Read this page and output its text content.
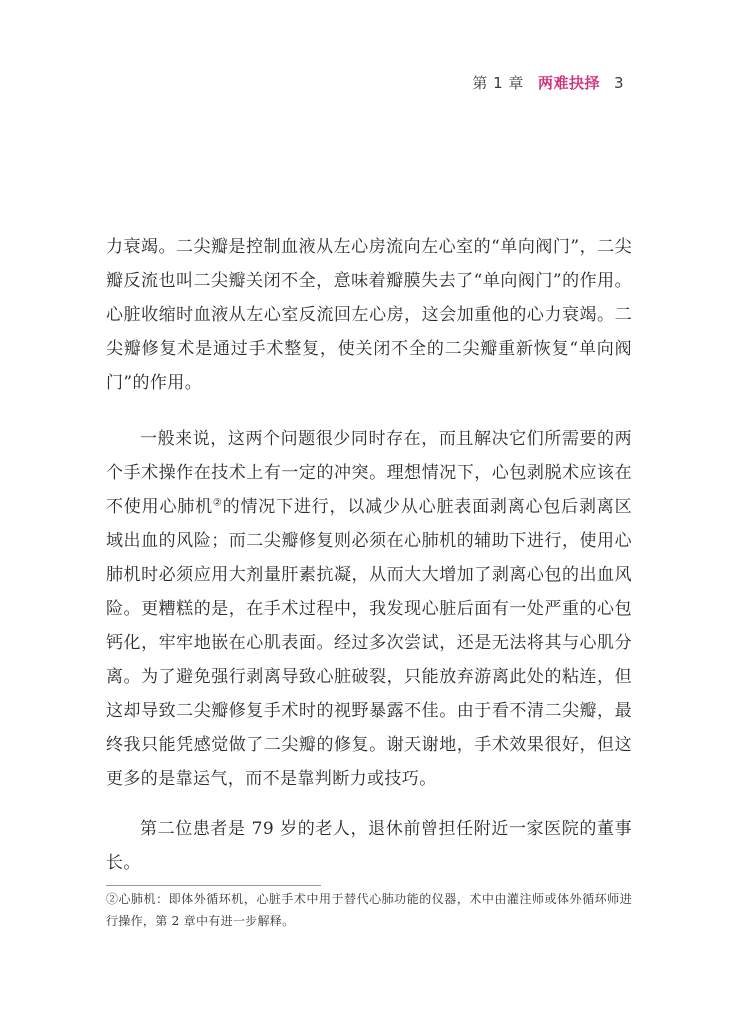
第 1 章 两难抉择 3

力衰竭。二尖瓣是控制血液从左心房流向左心室的“单向阀门”，二尖瓣反流也叫二尖瓣关闭不全，意味着瓣膜失去了“单向阀门”的作用。心脏收缩时血液从左心室反流回左心房，这会加重他的心力衰竭。二尖瓣修复术是通过手术整复，使关闭不全的二尖瓣重新恢复“单向阀门”的作用。

一般来说，这两个问题很少同时存在，而且解决它们所需要的两个手术操作在技术上有一定的冲突。理想情况下，心包剥脱术应该在不使用心肺机②的情况下进行，以减少从心脏表面剥离心包后剥离区域出血的风险；而二尖瓣修复则必须在心肺机的辅助下进行，使用心肺机时必须应用大剂量肝素抗凝，从而大大增加了剥离心包的出血风险。更糟糕的是，在手术过程中，我发现心脏后面有一处严重的心包钙化，牢牢地嵌在心肌表面。经过多次尝试，还是无法将其与心肌分离。为了避免强行剥离导致心脏破裂，只能放弃游离此处的粘连，但这却导致二尖瓣修复手术时的视野暴露不佳。由于看不清二尖瓣，最终我只能凭感觉做了二尖瓣的修复。谢天谢地，手术效果很好，但这更多的是靠运气，而不是靠判断力或技巧。

第二位患者是 79 岁的老人，退休前曾担任附近一家医院的董事长。

②心肺机：即体外循环机，心脏手术中用于替代心肺功能的仪器，术中由灌注师或体外循环师进行操作，第 2 章中有进一步解释。
